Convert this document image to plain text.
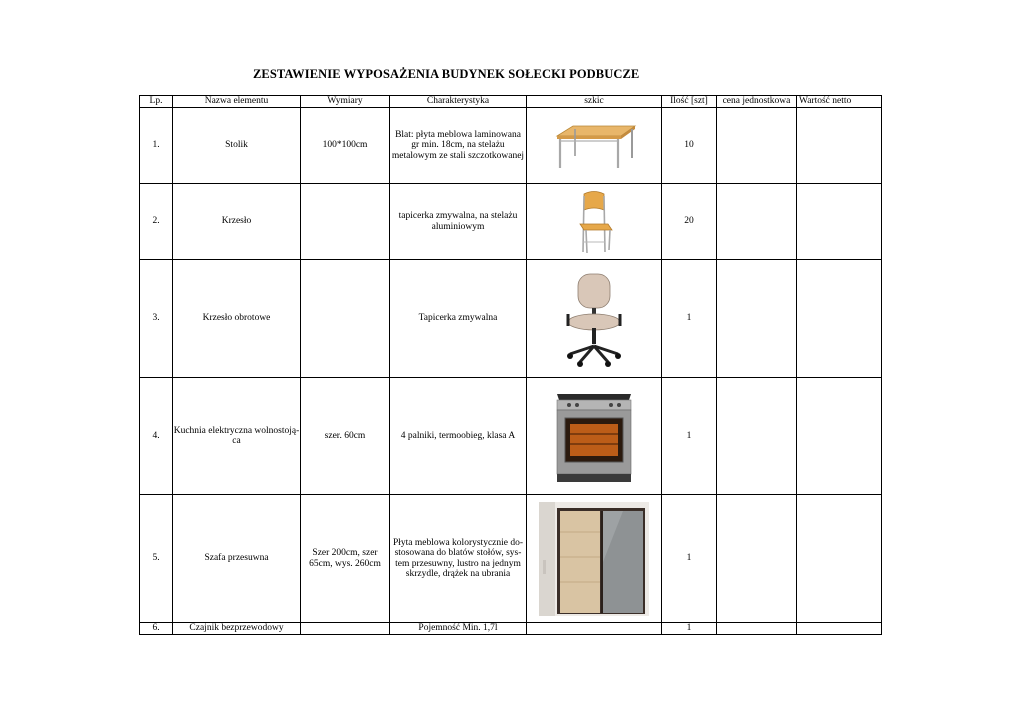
ZESTAWIENIE WYPOSAŻENIA BUDYNEK SOŁECKI PODBUCZE
Lp.	Nazwa elementu	Wymiary	Charakterystyka	szkic	Ilość [szt]	cena jednostkowa	Wartość netto
1.	Stolik	100*100cm	Blat: płyta meblowa laminowana gr min. 18cm, na stelażu metalowym ze stali szczotkowanej		10		
2.	Krzesło		tapicerka zmywalna, na stelażu aluminiowym		20		
3.	Krzesło obrotowe		Tapicerka zmywalna		1		
4.	Kuchnia elektryczna wolnostoją-ca	szer. 60cm	4 palniki, termoobieg, klasa A		1		
5.	Szafa przesuwna	Szer 200cm, szer 65cm, wys. 260cm	Płyta meblowa kolorystycznie do-stosowana do blatów stołów, sys-tem przesuwny, lustro na jednym skrzydle, drążek na ubrania		1		
6.	Czajnik bezprzewodowy		Pojemność Min. 1,7l		1		
